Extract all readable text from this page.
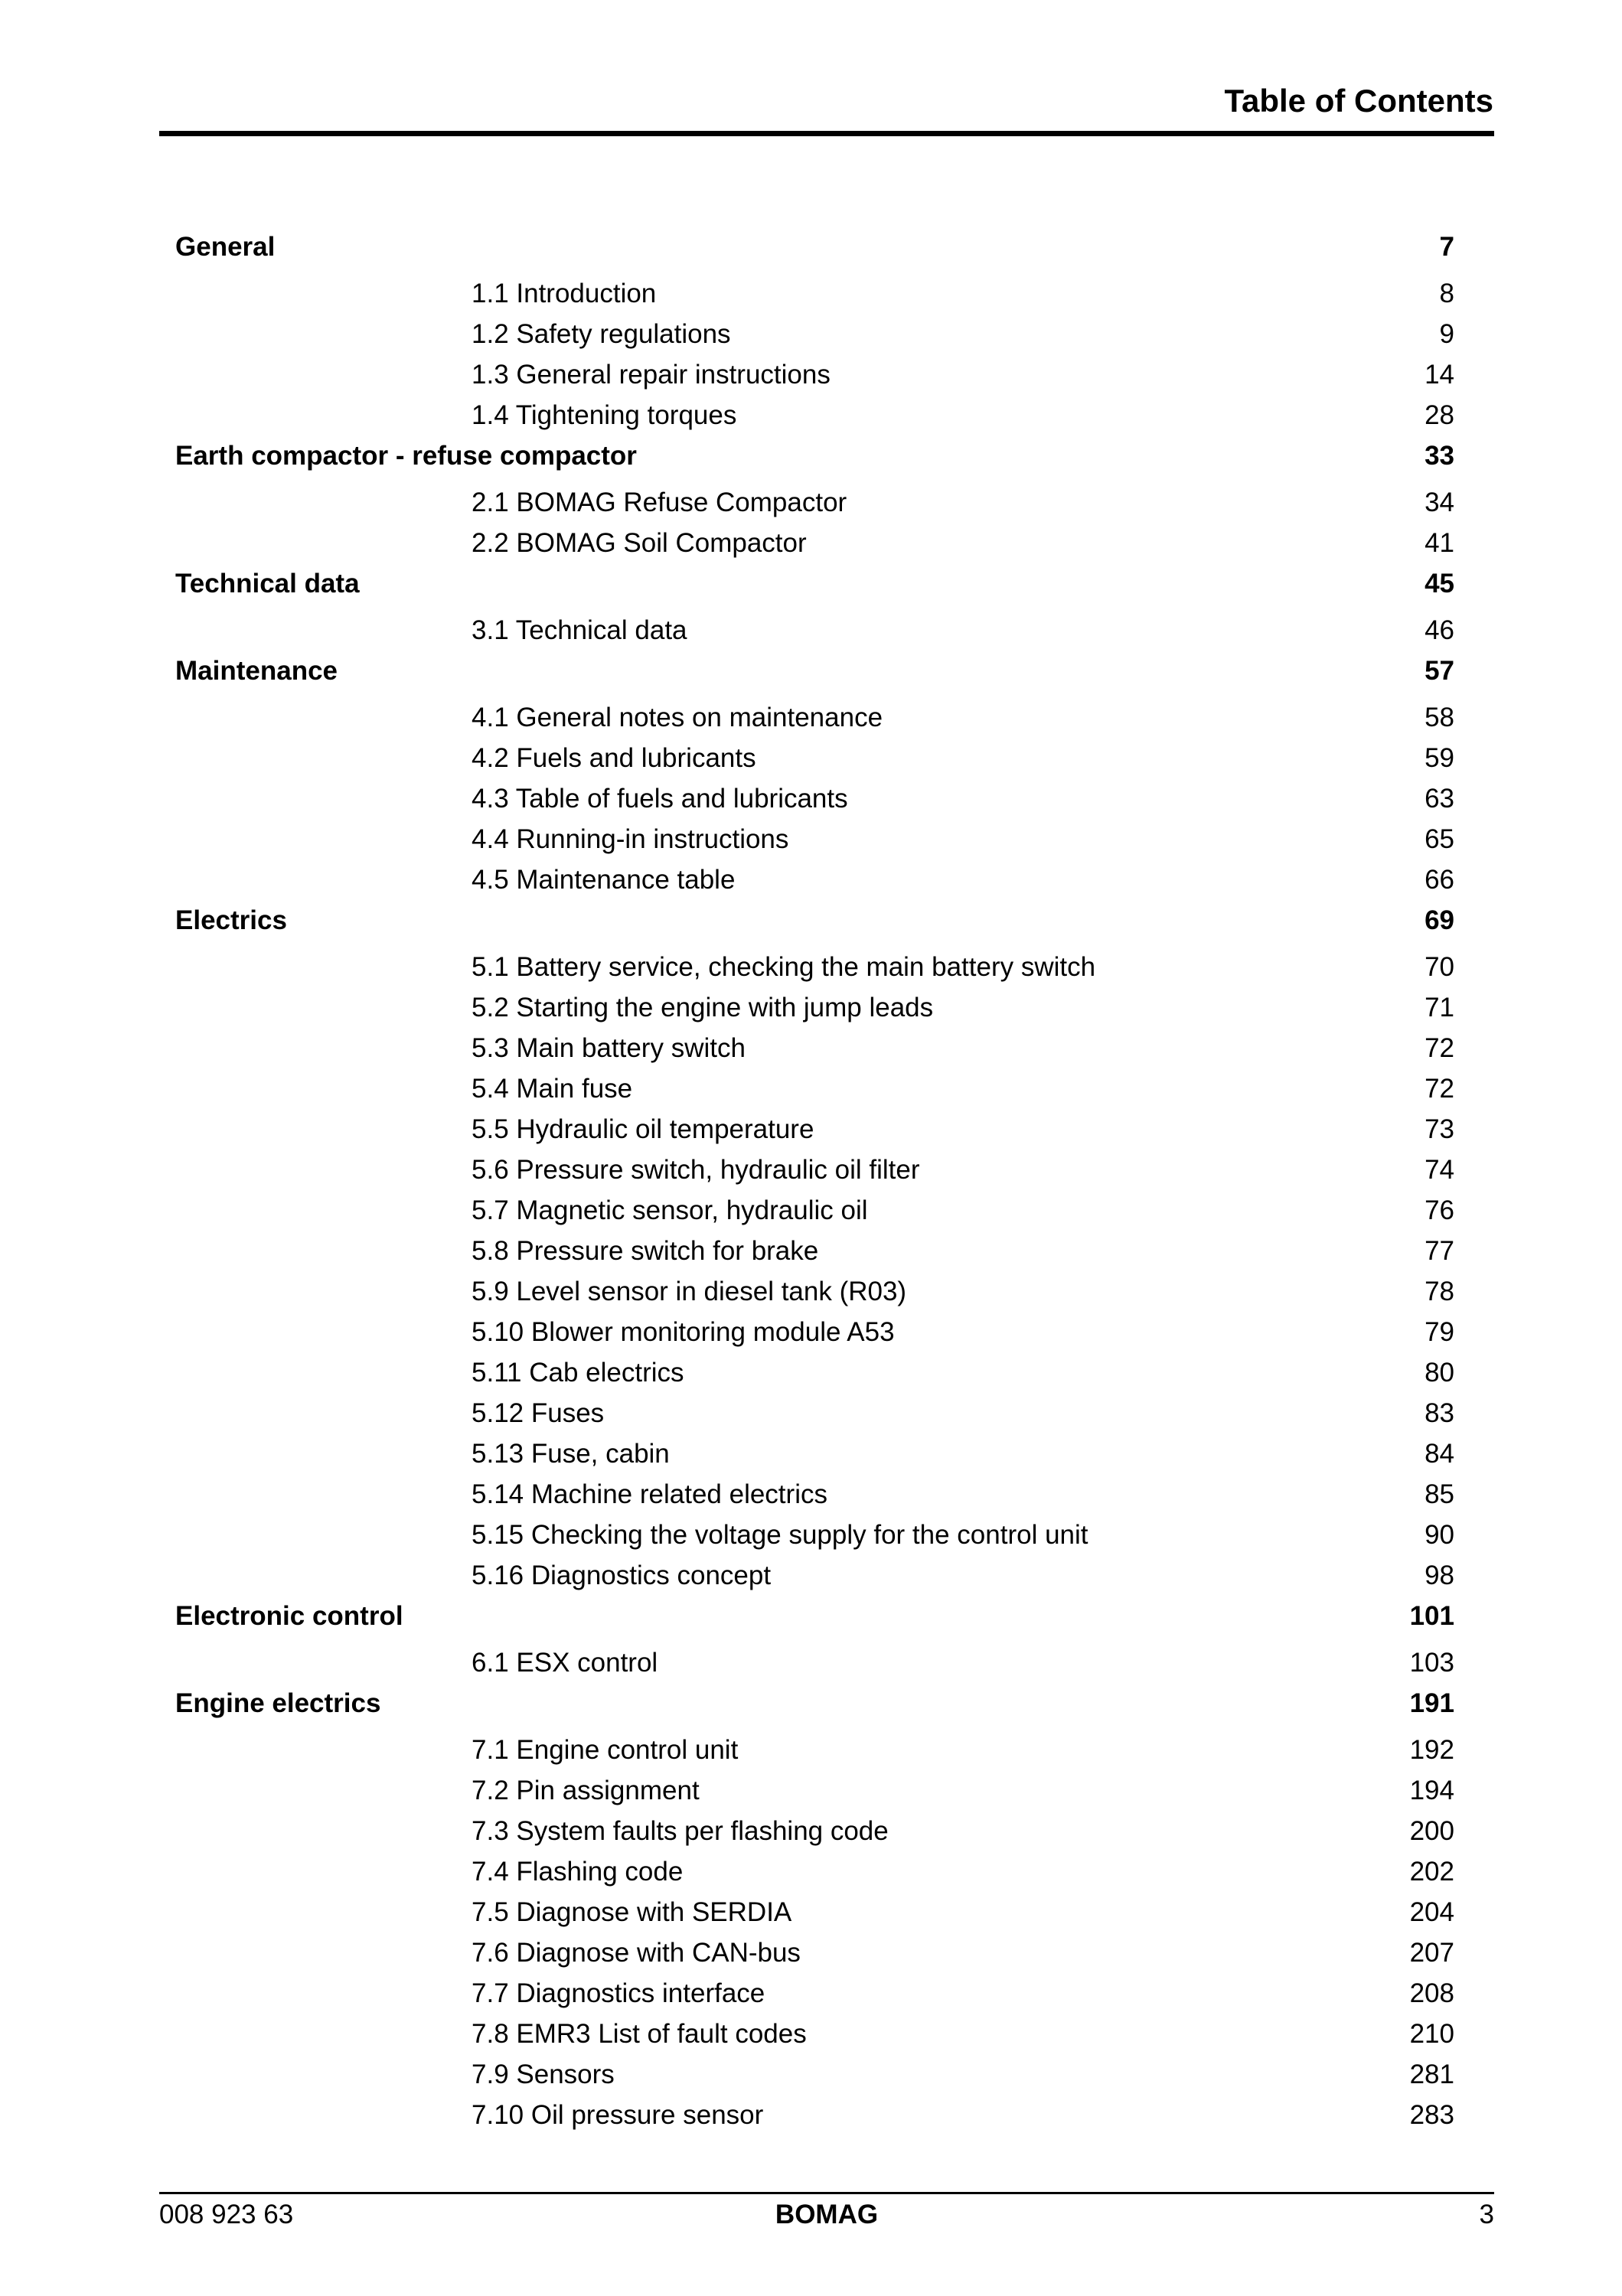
Table of Contents
General	7
1.1 Introduction	8
1.2 Safety regulations	9
1.3 General repair instructions	14
1.4 Tightening torques	28
Earth compactor - refuse compactor	33
2.1 BOMAG Refuse Compactor	34
2.2 BOMAG Soil Compactor	41
Technical data	45
3.1 Technical data	46
Maintenance	57
4.1 General notes on maintenance	58
4.2 Fuels and lubricants	59
4.3 Table of fuels and lubricants	63
4.4 Running-in instructions	65
4.5 Maintenance table	66
Electrics	69
5.1 Battery service, checking the main battery switch	70
5.2 Starting the engine with jump leads	71
5.3 Main battery switch	72
5.4 Main fuse	72
5.5 Hydraulic oil temperature	73
5.6 Pressure switch, hydraulic oil filter	74
5.7 Magnetic sensor, hydraulic oil	76
5.8 Pressure switch for brake	77
5.9 Level sensor in diesel tank (R03)	78
5.10 Blower monitoring module A53	79
5.11 Cab electrics	80
5.12 Fuses	83
5.13 Fuse, cabin	84
5.14 Machine related electrics	85
5.15 Checking the voltage supply for the control unit	90
5.16 Diagnostics concept	98
Electronic control	101
6.1 ESX control	103
Engine electrics	191
7.1 Engine control unit	192
7.2 Pin assignment	194
7.3 System faults per flashing code	200
7.4 Flashing code	202
7.5 Diagnose with SERDIA	204
7.6 Diagnose with CAN-bus	207
7.7 Diagnostics interface	208
7.8 EMR3 List of fault codes	210
7.9 Sensors	281
7.10 Oil pressure sensor	283
008 923 63	BOMAG	3
